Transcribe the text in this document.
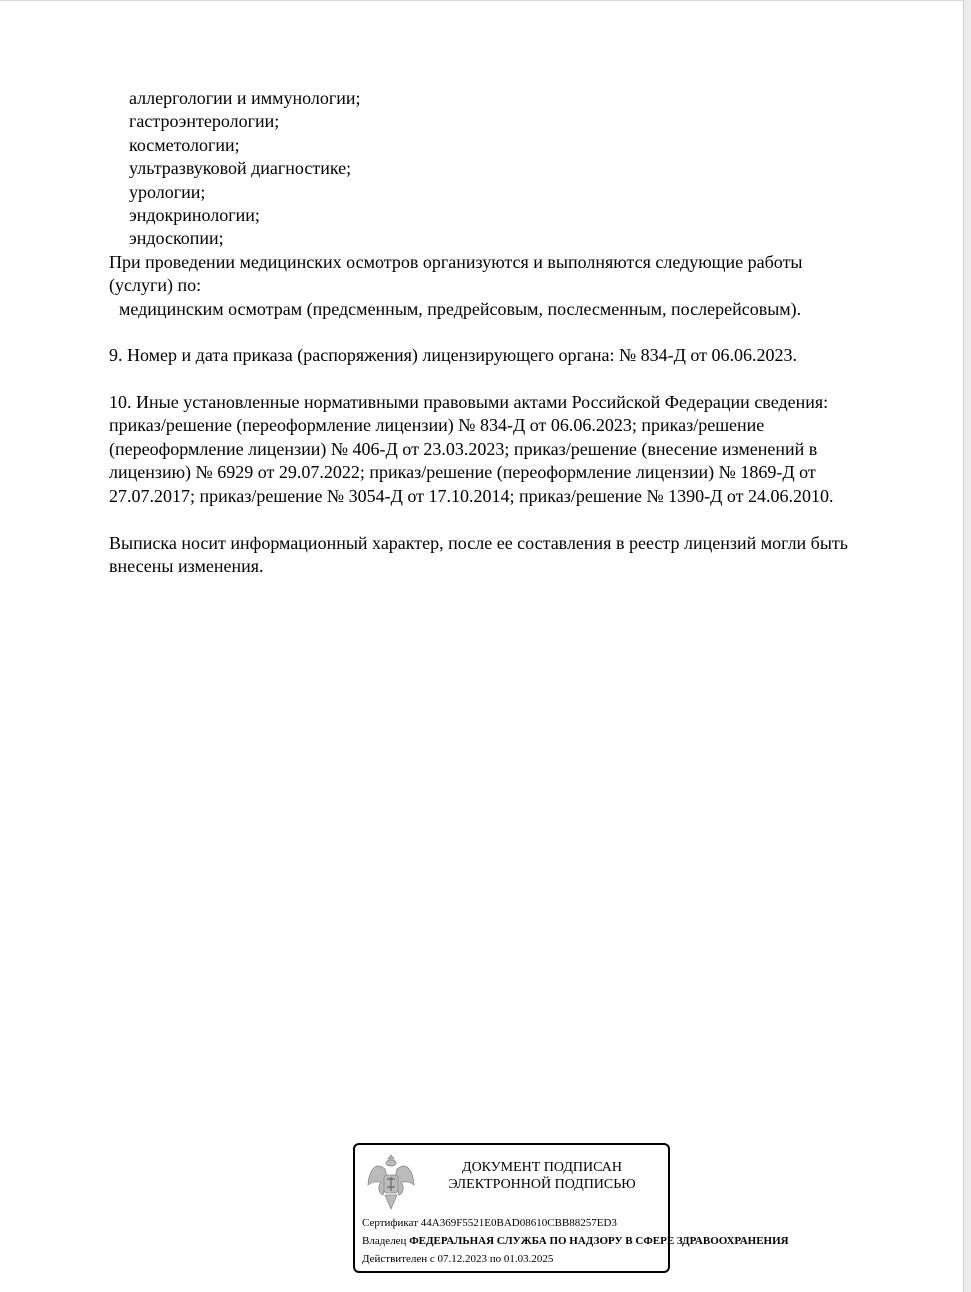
аллергологии и иммунологии;
гастроэнтерологии;
косметологии;
ультразвуковой диагностике;
урологии;
эндокринологии;
эндоскопии;
При проведении медицинских осмотров организуются и выполняются следующие работы
(услуги) по:
медицинским осмотрам (предсменным, предрейсовым, послесменным, послерейсовым).
9. Номер и дата приказа (распоряжения) лицензирующего органа: № 834-Д от 06.06.2023.
10. Иные установленные нормативными правовыми актами Российской Федерации сведения:
приказ/решение (переоформление лицензии) № 834-Д от 06.06.2023; приказ/решение
(переоформление лицензии) № 406-Д от 23.03.2023; приказ/решение (внесение изменений в
лицензию) № 6929 от 29.07.2022; приказ/решение (переоформление лицензии) № 1869-Д от
27.07.2017; приказ/решение № 3054-Д от 17.10.2014; приказ/решение № 1390-Д от 24.06.2010.
Выписка носит информационный характер, после ее составления в реестр лицензий могли быть
внесены изменения.
ДОКУМЕНТ ПОДПИСАН
ЭЛЕКТРОННОЙ ПОДПИСЬЮ
Сертификат 44A369F5521E0BAD08610CBB88257ED3
Владелец ФЕДЕРАЛЬНАЯ СЛУЖБА ПО НАДЗОРУ В СФЕРЕ ЗДРАВООХРАНЕНИЯ
Действителен с 07.12.2023 по 01.03.2025
